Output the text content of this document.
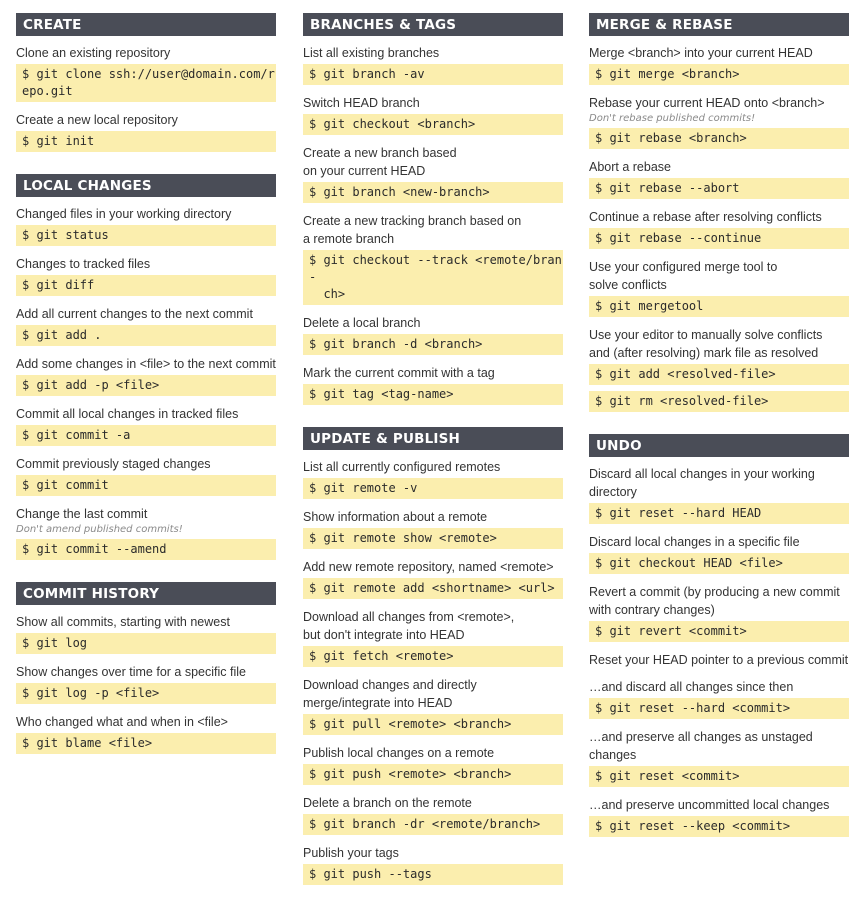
CREATE
Clone an existing repository
$ git clone ssh://user@domain.com/repo.git
Create a new local repository
$ git init
LOCAL CHANGES
Changed files in your working directory
$ git status
Changes to tracked files
$ git diff
Add all current changes to the next commit
$ git add .
Add some changes in <file> to the next commit
$ git add -p <file>
Commit all local changes in tracked files
$ git commit -a
Commit previously staged changes
$ git commit
Change the last commit
Don't amend published commits!
$ git commit --amend
COMMIT HISTORY
Show all commits, starting with newest
$ git log
Show changes over time for a specific file
$ git log -p <file>
Who changed what and when in <file>
$ git blame <file>
BRANCHES & TAGS
List all existing branches
$ git branch -av
Switch HEAD branch
$ git checkout <branch>
Create a new branch based
on your current HEAD
$ git branch <new-branch>
Create a new tracking branch based on
a remote branch
$ git checkout --track <remote/bran-
ch>
Delete a local branch
$ git branch -d <branch>
Mark the current commit with a tag
$ git tag <tag-name>
UPDATE & PUBLISH
List all currently configured remotes
$ git remote -v
Show information about a remote
$ git remote show <remote>
Add new remote repository, named <remote>
$ git remote add <shortname> <url>
Download all changes from <remote>,
but don't integrate into HEAD
$ git fetch <remote>
Download changes and directly
merge/integrate into HEAD
$ git pull <remote> <branch>
Publish local changes on a remote
$ git push <remote> <branch>
Delete a branch on the remote
$ git branch -dr <remote/branch>
Publish your tags
$ git push --tags
MERGE & REBASE
Merge <branch> into your current HEAD
$ git merge <branch>
Rebase your current HEAD onto <branch>
Don't rebase published commits!
$ git rebase <branch>
Abort a rebase
$ git rebase --abort
Continue a rebase after resolving conflicts
$ git rebase --continue
Use your configured merge tool to
solve conflicts
$ git mergetool
Use your editor to manually solve conflicts
and (after resolving) mark file as resolved
$ git add <resolved-file>
$ git rm <resolved-file>
UNDO
Discard all local changes in your working
directory
$ git reset --hard HEAD
Discard local changes in a specific file
$ git checkout HEAD <file>
Revert a commit (by producing a new commit
with contrary changes)
$ git revert <commit>
Reset your HEAD pointer to a previous commit
…and discard all changes since then
$ git reset --hard <commit>
…and preserve all changes as unstaged
changes
$ git reset <commit>
…and preserve uncommitted local changes
$ git reset --keep <commit>
